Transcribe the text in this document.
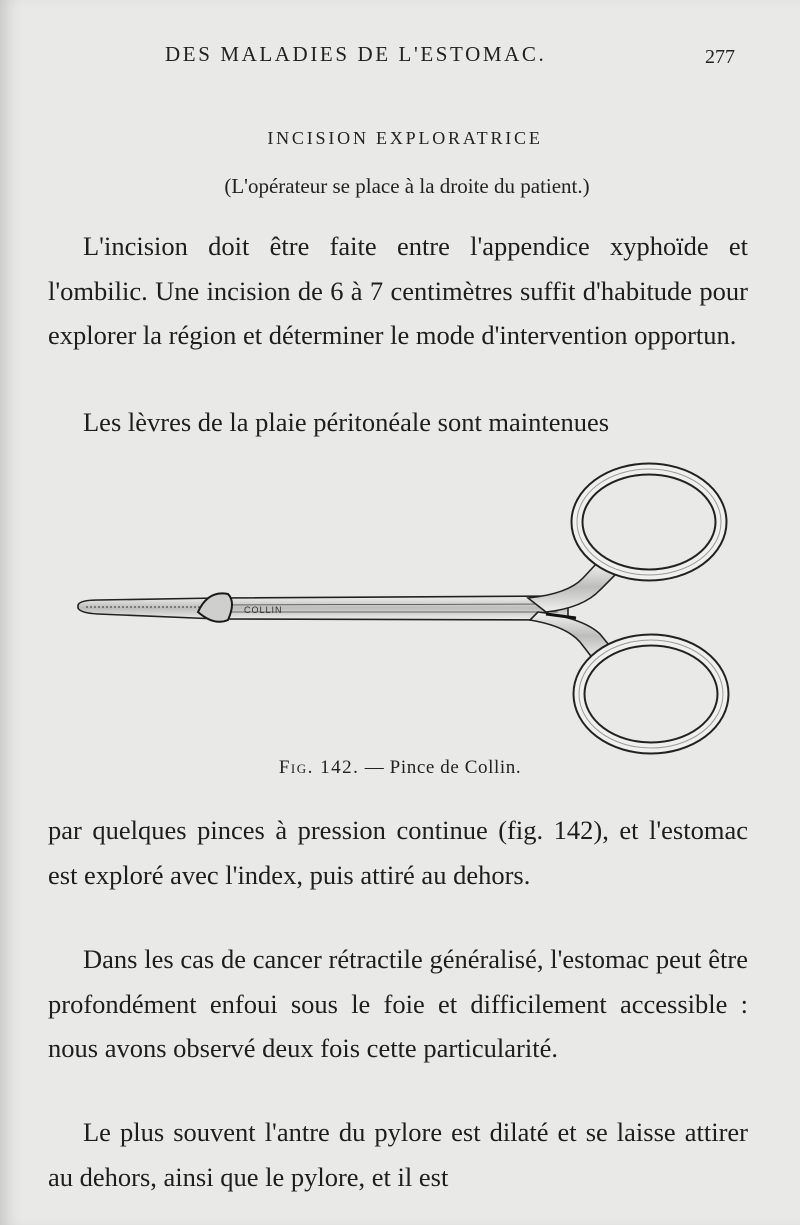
DES MALADIES DE L'ESTOMAC.	277
INCISION EXPLORATRICE
(L'opérateur se place à la droite du patient.)

L'incision doit être faite entre l'appendice xyphoïde et l'ombilic. Une incision de 6 à 7 centimètres suffit d'habitude pour explorer la région et déterminer le mode d'intervention opportun.

Les lèvres de la plaie péritonéale sont maintenues

COLLIN
Fig. 142. — Pince de Collin.

par quelques pinces à pression continue (fig. 142), et l'estomac est exploré avec l'index, puis attiré au dehors.

Dans les cas de cancer rétractile généralisé, l'estomac peut être profondément enfoui sous le foie et difficilement accessible : nous avons observé deux fois cette particularité.

Le plus souvent l'antre du pylore est dilaté et se laisse attirer au dehors, ainsi que le pylore, et il est
